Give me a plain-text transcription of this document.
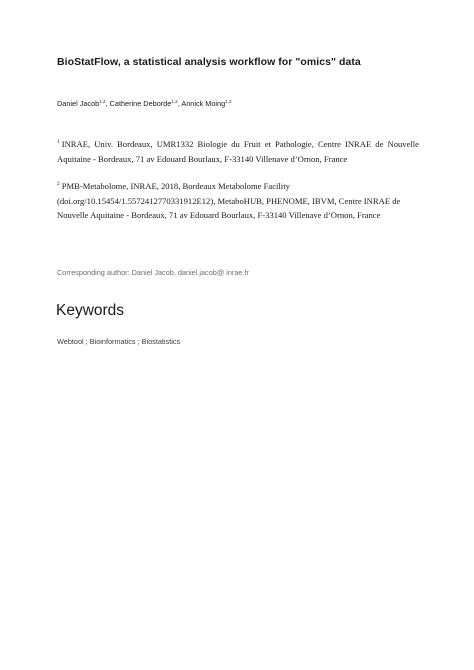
BioStatFlow, a statistical analysis workflow for "omics" data
Daniel Jacob$^{1,2}$, Catherine Deborde$^{1,2}$, Annick Moing$^{1,2}$
$^1$ INRAE, Univ. Bordeaux, UMR1332 Biologie du Fruit et Pathologie, Centre INRAE de Nouvelle Aquitaine - Bordeaux, 71 av Edouard Bourlaux, F-33140 Villenave d’Ornon, France
$^2$ PMB-Metabolome, INRAE, 2018, Bordeaux Metabolome Facility (doi.org/10.15454/1.5572412770331912E12), MetaboHUB, PHENOME, IBVM, Centre INRAE de Nouvelle Aquitaine - Bordeaux, 71 av Edouard Bourlaux, F-33140 Villenave d’Ornon, France
Corresponding author: Daniel Jacob, daniel.jacob@ inrae.fr
Keywords
Webtool ; Bioinformatics ; Biostatistics
